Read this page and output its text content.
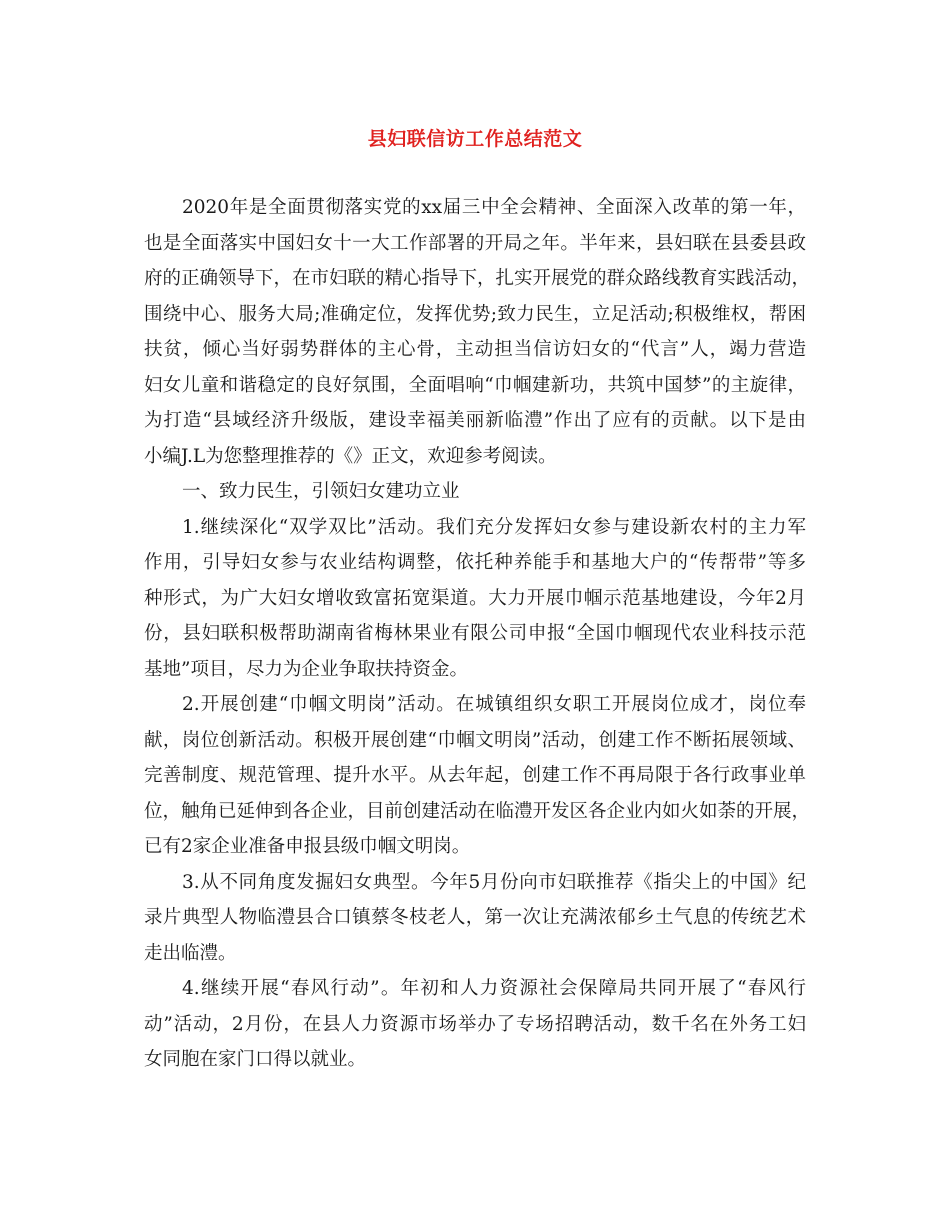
县妇联信访工作总结范文
2020年是全面贯彻落实党的xx届三中全会精神、全面深入改革的第一年，
也是全面落实中国妇女十一大工作部署的开局之年。半年来，县妇联在县委县政
府的正确领导下，在市妇联的精心指导下，扎实开展党的群众路线教育实践活动，
围绕中心、服务大局;准确定位，发挥优势;致力民生，立足活动;积极维权，帮困
扶贫，倾心当好弱势群体的主心骨，主动担当信访妇女的“代言”人，竭力营造
妇女儿童和谐稳定的良好氛围，全面唱响“巾帼建新功，共筑中国梦”的主旋律，
为打造“县域经济升级版，建设幸福美丽新临澧”作出了应有的贡献。以下是由
小编J.L为您整理推荐的《》正文，欢迎参考阅读。
一、致力民生，引领妇女建功立业
1.继续深化“双学双比”活动。我们充分发挥妇女参与建设新农村的主力军
作用，引导妇女参与农业结构调整，依托种养能手和基地大户的“传帮带”等多
种形式，为广大妇女增收致富拓宽渠道。大力开展巾帼示范基地建设，今年2月
份，县妇联积极帮助湖南省梅林果业有限公司申报“全国巾帼现代农业科技示范
基地”项目，尽力为企业争取扶持资金。
2.开展创建“巾帼文明岗”活动。在城镇组织女职工开展岗位成才，岗位奉
献，岗位创新活动。积极开展创建“巾帼文明岗”活动，创建工作不断拓展领域、
完善制度、规范管理、提升水平。从去年起，创建工作不再局限于各行政事业单
位，触角已延伸到各企业，目前创建活动在临澧开发区各企业内如火如荼的开展，
已有2家企业准备申报县级巾帼文明岗。
3.从不同角度发掘妇女典型。今年5月份向市妇联推荐《指尖上的中国》纪
录片典型人物临澧县合口镇蔡冬枝老人，第一次让充满浓郁乡土气息的传统艺术
走出临澧。
4.继续开展“春风行动”。年初和人力资源社会保障局共同开展了“春风行
动”活动，2月份，在县人力资源市场举办了专场招聘活动，数千名在外务工妇
女同胞在家门口得以就业。
